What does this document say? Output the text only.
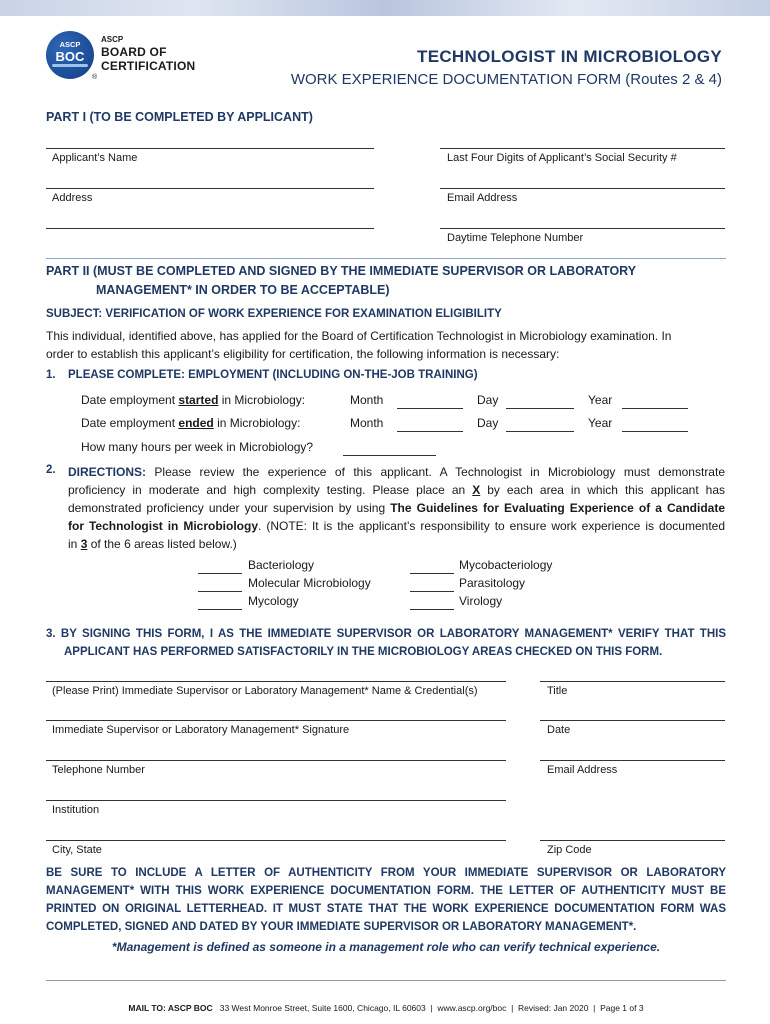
ASCP
BOC
ASCP
BOARD OF
CERTIFICATION
®
TECHNOLOGIST IN MICROBIOLOGY
WORK EXPERIENCE DOCUMENTATION FORM (Routes 2 & 4)
PART I (TO BE COMPLETED BY APPLICANT)
Applicant’s Name	Last Four Digits of Applicant’s Social Security #
Address	Email Address
Daytime Telephone Number
PART II (MUST BE COMPLETED AND SIGNED BY THE IMMEDIATE SUPERVISOR OR LABORATORY
MANAGEMENT* IN ORDER TO BE ACCEPTABLE)
SUBJECT: VERIFICATION OF WORK EXPERIENCE FOR EXAMINATION ELIGIBILITY
This individual, identified above, has applied for the Board of Certification Technologist in Microbiology examination. In
order to establish this applicant’s eligibility for certification, the following information is necessary:
1. PLEASE COMPLETE: EMPLOYMENT (INCLUDING ON-THE-JOB TRAINING)
Date employment started in Microbiology:	Month	Day	Year
Date employment ended in Microbiology:	Month	Day	Year
How many hours per week in Microbiology?
2. DIRECTIONS: Please review the experience of this applicant. A Technologist in Microbiology must demonstrate
proficiency in moderate and high complexity testing. Please place an X by each area in which this applicant has
demonstrated proficiency under your supervision by using The Guidelines for Evaluating Experience of a Candidate
for Technologist in Microbiology. (NOTE: It is the applicant’s responsibility to ensure work experience is documented
in 3 of the 6 areas listed below.)
Bacteriology
Molecular Microbiology
Mycology
Mycobacteriology
Parasitology
Virology
3. BY SIGNING THIS FORM, I AS THE IMMEDIATE SUPERVISOR OR LABORATORY MANAGEMENT* VERIFY THAT THIS
APPLICANT HAS PERFORMED SATISFACTORILY IN THE MICROBIOLOGY AREAS CHECKED ON THIS FORM.
(Please Print) Immediate Supervisor or Laboratory Management* Name & Credential(s)	Title
Immediate Supervisor or Laboratory Management* Signature	Date
Telephone Number	Email Address
Institution
City, State	Zip Code
BE SURE TO INCLUDE A LETTER OF AUTHENTICITY FROM YOUR IMMEDIATE SUPERVISOR OR LABORATORY
MANAGEMENT* WITH THIS WORK EXPERIENCE DOCUMENTATION FORM. THE LETTER OF AUTHENTICITY MUST BE
PRINTED ON ORIGINAL LETTERHEAD. IT MUST STATE THAT THE WORK EXPERIENCE DOCUMENTATION FORM WAS
COMPLETED, SIGNED AND DATED BY YOUR IMMEDIATE SUPERVISOR OR LABORATORY MANAGEMENT*.
*Management is defined as someone in a management role who can verify technical experience.
MAIL TO: ASCP BOC   33 West Monroe Street, Suite 1600, Chicago, IL 60603  |  www.ascp.org/boc  |  Revised: Jan 2020  |  Page 1 of 3
